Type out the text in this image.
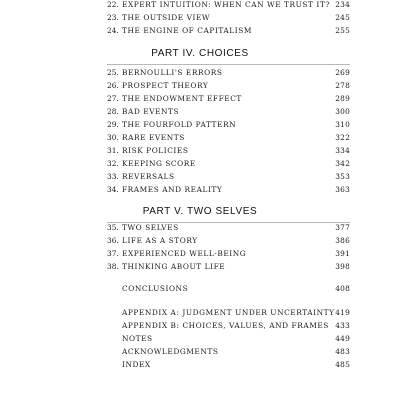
22. EXPERT INTUITION: WHEN CAN WE TRUST IT? 234
23. THE OUTSIDE VIEW	245
24. THE ENGINE OF CAPITALISM	255
PART IV. CHOICES
25. BERNOULLI'S ERRORS	269
26. PROSPECT THEORY	278
27. THE ENDOWMENT EFFECT	289
28. BAD EVENTS	300
29. THE FOURFOLD PATTERN	310
30. RARE EVENTS	322
31. RISK POLICIES	334
32. KEEPING SCORE	342
33. REVERSALS	353
34. FRAMES AND REALITY	363
PART V. TWO SELVES
35. TWO SELVES	377
36. LIFE AS A STORY	386
37. EXPERIENCED WELL-BEING	391
38. THINKING ABOUT LIFE	398
CONCLUSIONS	408
APPENDIX A: JUDGMENT UNDER UNCERTAINTY 419
APPENDIX B: CHOICES, VALUES, AND FRAMES 433
NOTES	449
ACKNOWLEDGMENTS	483
INDEX	485
